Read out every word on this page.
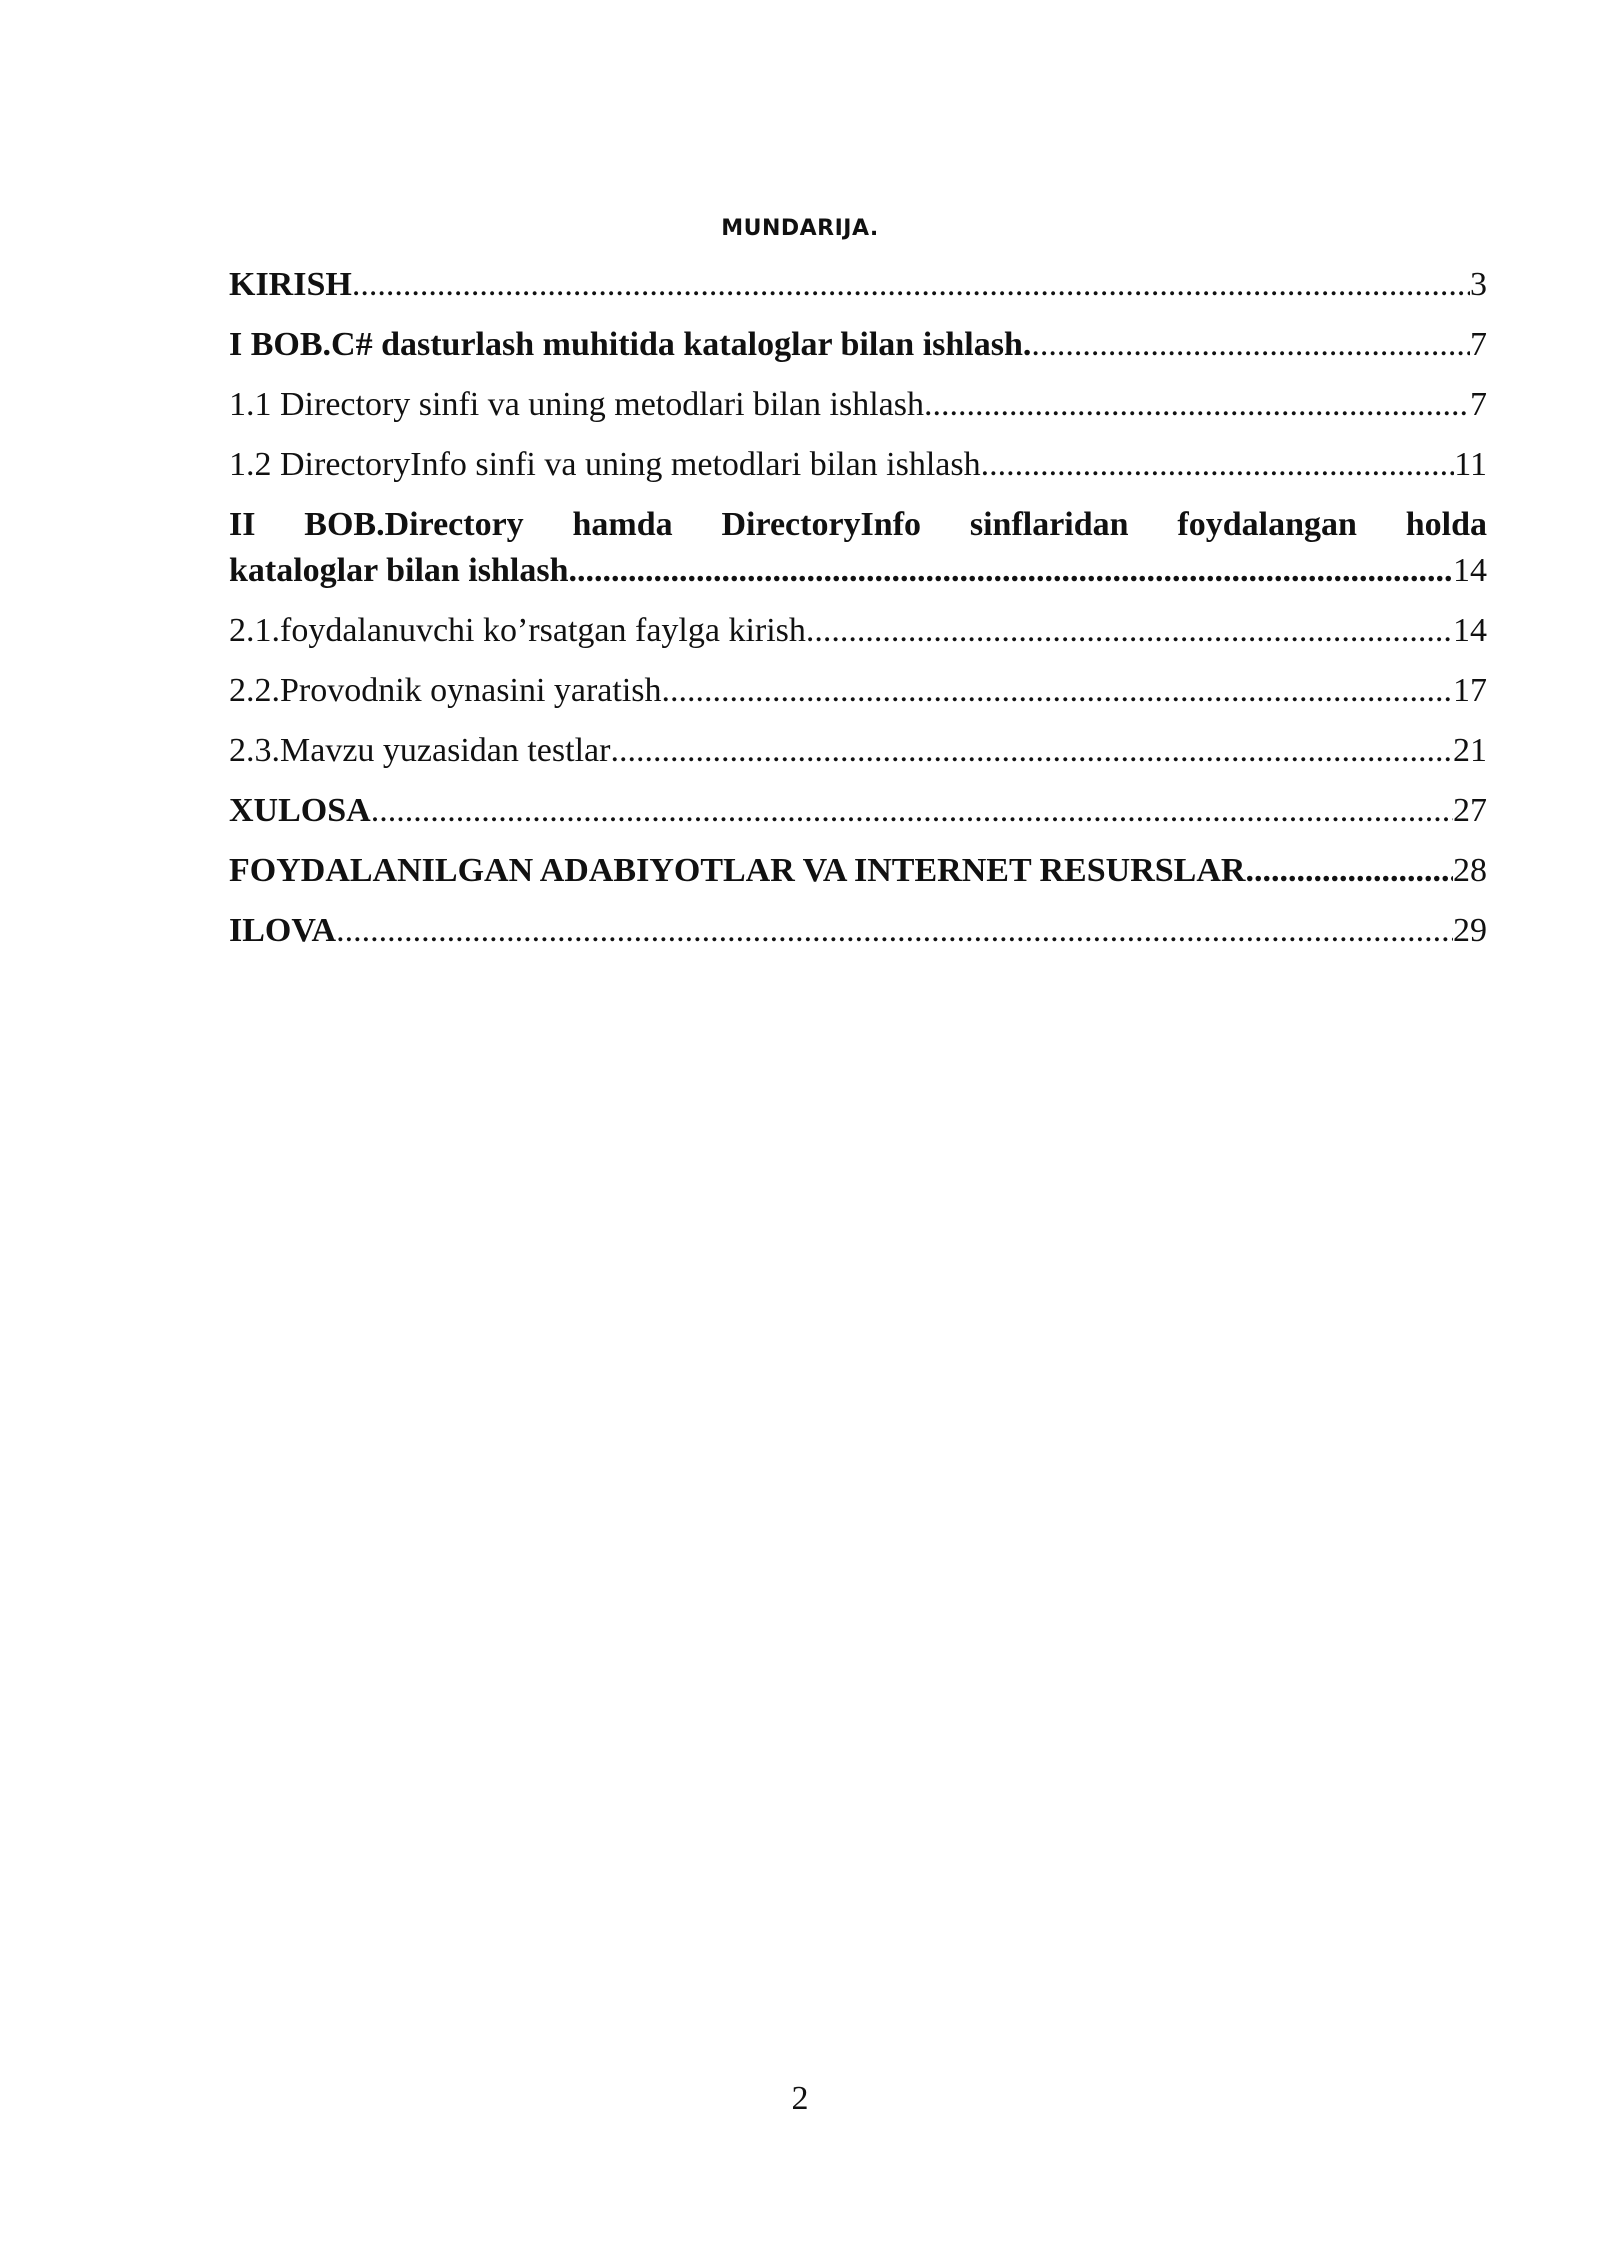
MUNDARIJA.
KIRISH .....	3
I BOB.C# dasturlash muhitida kataloglar bilan ishlash. .....	7
1.1 Directory sinfi va uning metodlari bilan ishlash .....	7
1.2 DirectoryInfo sinfi va uning metodlari bilan ishlash .....	11
II BOB.Directory hamda DirectoryInfo sinflaridan foydalangan holda
kataloglar bilan ishlash .....	14
2.1.foydalanuvchi ko’rsatgan faylga kirish .....	14
2.2.Provodnik oynasini yaratish .....	17
2.3.Mavzu yuzasidan testlar .....	21
XULOSA .....	27
FOYDALANILGAN ADABIYOTLAR VA INTERNET RESURSLAR .....	28
ILOVA .....	29
2
